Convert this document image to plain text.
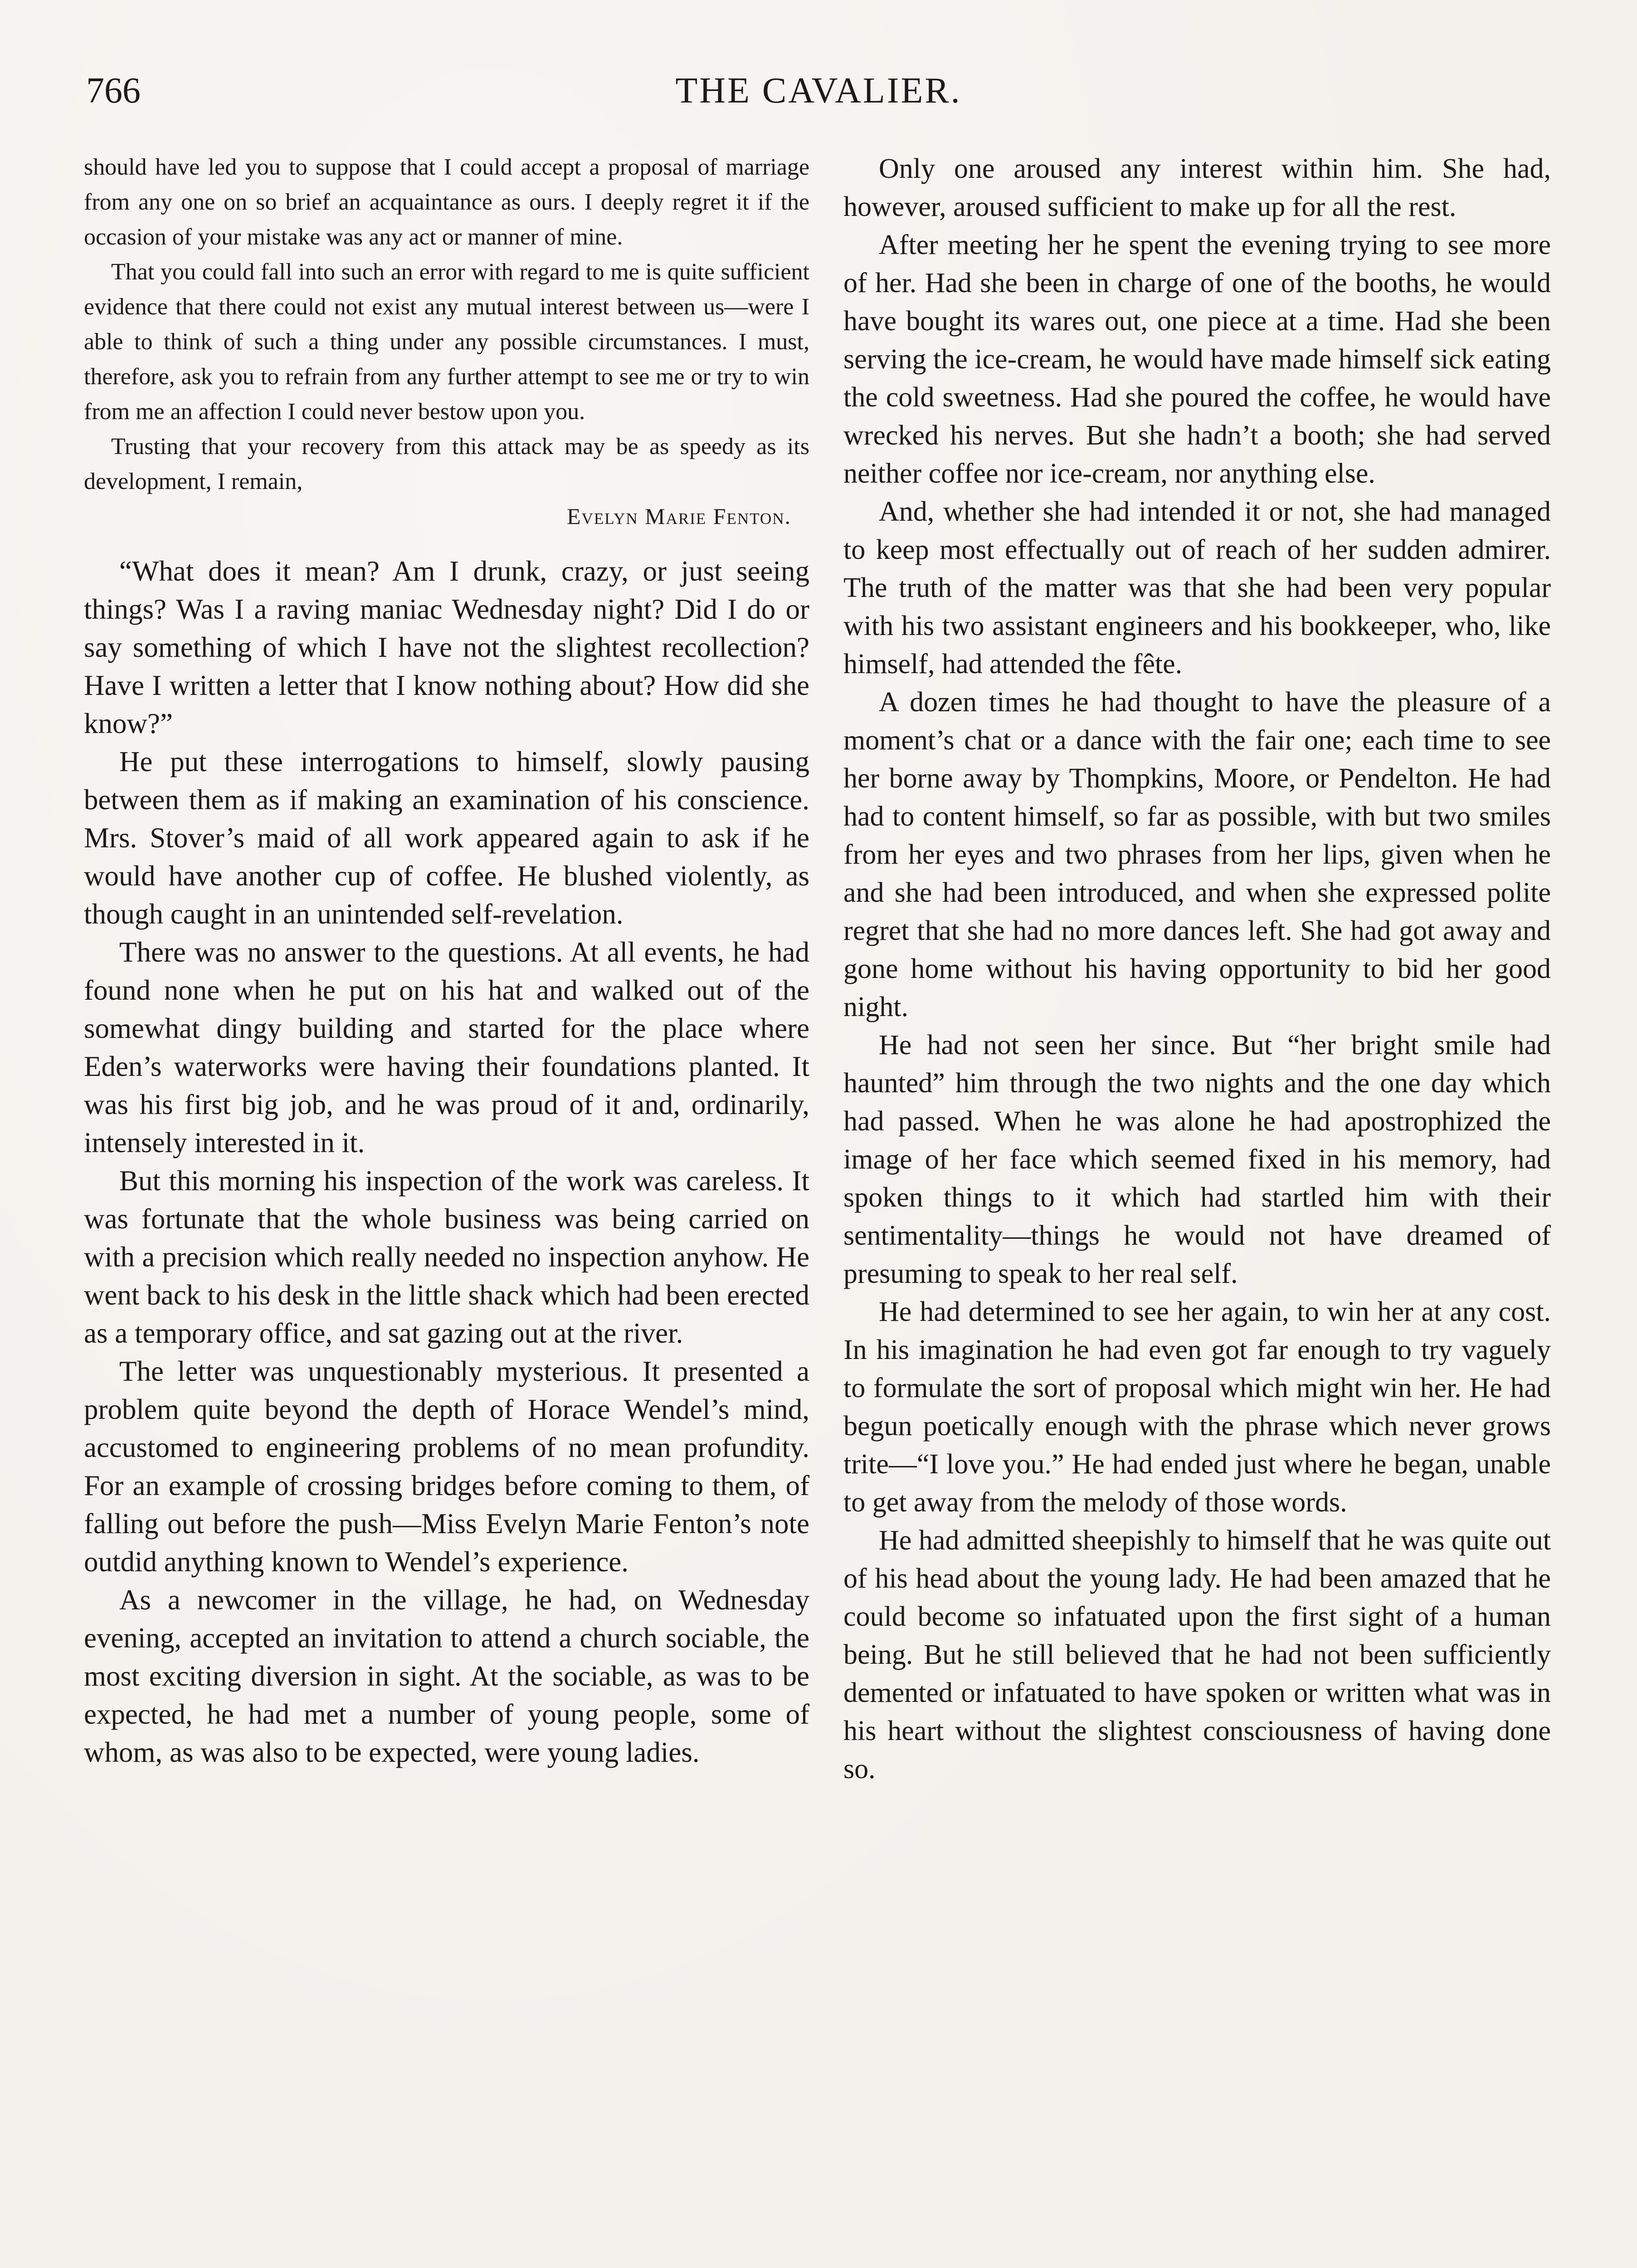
766	THE CAVALIER.

should have led you to suppose that I could accept a proposal of marriage from any one on so brief an acquaintance as ours. I deeply regret it if the occasion of your mistake was any act or manner of mine.

That you could fall into such an error with regard to me is quite sufficient evidence that there could not exist any mutual interest between us—were I able to think of such a thing under any possible circumstances. I must, therefore, ask you to refrain from any further attempt to see me or try to win from me an affection I could never bestow upon you.

Trusting that your recovery from this attack may be as speedy as its development, I remain,

Evelyn Marie Fenton.

“What does it mean? Am I drunk, crazy, or just seeing things? Was I a raving maniac Wednesday night? Did I do or say something of which I have not the slightest recollection? Have I written a letter that I know nothing about? How did she know?”

He put these interrogations to himself, slowly pausing between them as if making an examination of his conscience. Mrs. Stover’s maid of all work appeared again to ask if he would have another cup of coffee. He blushed violently, as though caught in an unintended self-revelation.

There was no answer to the questions. At all events, he had found none when he put on his hat and walked out of the somewhat dingy building and started for the place where Eden’s waterworks were having their foundations planted. It was his first big job, and he was proud of it and, ordinarily, intensely interested in it.

But this morning his inspection of the work was careless. It was fortunate that the whole business was being carried on with a precision which really needed no inspection anyhow. He went back to his desk in the little shack which had been erected as a temporary office, and sat gazing out at the river.

The letter was unquestionably mysterious. It presented a problem quite beyond the depth of Horace Wendel’s mind, accustomed to engineering problems of no mean profundity. For an example of crossing bridges before coming to them, of falling out before the push—Miss Evelyn Marie Fenton’s note outdid anything known to Wendel’s experience.

As a newcomer in the village, he had, on Wednesday evening, accepted an invitation to attend a church sociable, the most exciting diversion in sight. At the sociable, as was to be expected, he had met a number of young people, some of whom, as was also to be expected, were young ladies.

Only one aroused any interest within him. She had, however, aroused sufficient to make up for all the rest.

After meeting her he spent the evening trying to see more of her. Had she been in charge of one of the booths, he would have bought its wares out, one piece at a time. Had she been serving the ice-cream, he would have made himself sick eating the cold sweetness. Had she poured the coffee, he would have wrecked his nerves. But she hadn’t a booth; she had served neither coffee nor ice-cream, nor anything else.

And, whether she had intended it or not, she had managed to keep most effectually out of reach of her sudden admirer. The truth of the matter was that she had been very popular with his two assistant engineers and his bookkeeper, who, like himself, had attended the fête.

A dozen times he had thought to have the pleasure of a moment’s chat or a dance with the fair one; each time to see her borne away by Thompkins, Moore, or Pendelton. He had had to content himself, so far as possible, with but two smiles from her eyes and two phrases from her lips, given when he and she had been introduced, and when she expressed polite regret that she had no more dances left. She had got away and gone home without his having opportunity to bid her good night.

He had not seen her since. But “her bright smile had haunted” him through the two nights and the one day which had passed. When he was alone he had apostrophized the image of her face which seemed fixed in his memory, had spoken things to it which had startled him with their sentimentality—things he would not have dreamed of presuming to speak to her real self.

He had determined to see her again, to win her at any cost. In his imagination he had even got far enough to try vaguely to formulate the sort of proposal which might win her. He had begun poetically enough with the phrase which never grows trite—“I love you.” He had ended just where he began, unable to get away from the melody of those words.

He had admitted sheepishly to himself that he was quite out of his head about the young lady. He had been amazed that he could become so infatuated upon the first sight of a human being. But he still believed that he had not been sufficiently demented or infatuated to have spoken or written what was in his heart without the slightest consciousness of having done so.
